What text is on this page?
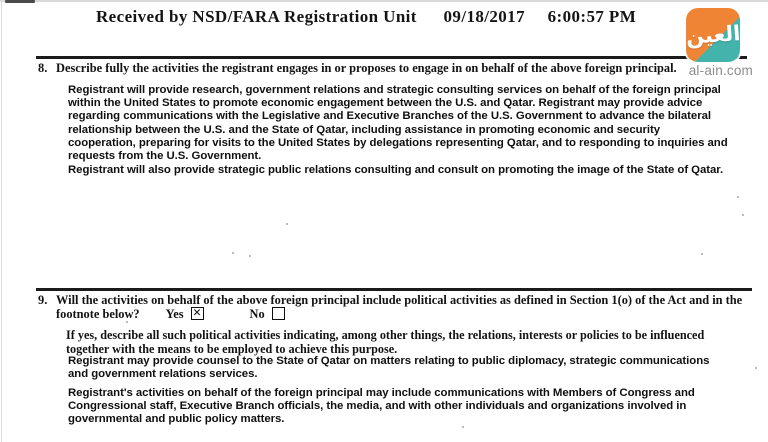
Received by NSD/FARA Registration Unit 09/18/2017 6:00:57 PM
العين
al-ain.com
8. Describe fully the activities the registrant engages in or proposes to engage in on behalf of the above foreign principal.
Registrant will provide research, government relations and strategic consulting services on behalf of the foreign principal within the United States to promote economic engagement between the U.S. and Qatar. Registrant may provide advice regarding communications with the Legislative and Executive Branches of the U.S. Government to advance the bilateral relationship between the U.S. and the State of Qatar, including assistance in promoting economic and security cooperation, preparing for visits to the United States by delegations representing Qatar, and to responding to inquiries and requests from the U.S. Government.
Registrant will also provide strategic public relations consulting and consult on promoting the image of the State of Qatar.
9. Will the activities on behalf of the above foreign principal include political activities as defined in Section 1(o) of the Act and in the footnote below? Yes ✕	No
If yes, describe all such political activities indicating, among other things, the relations, interests or policies to be influenced together with the means to be employed to achieve this purpose.
Registrant may provide counsel to the State of Qatar on matters relating to public diplomacy, strategic communications and government relations services.
Registrant's activities on behalf of the foreign principal may include communications with Members of Congress and Congressional staff, Executive Branch officials, the media, and with other individuals and organizations involved in governmental and public policy matters.
